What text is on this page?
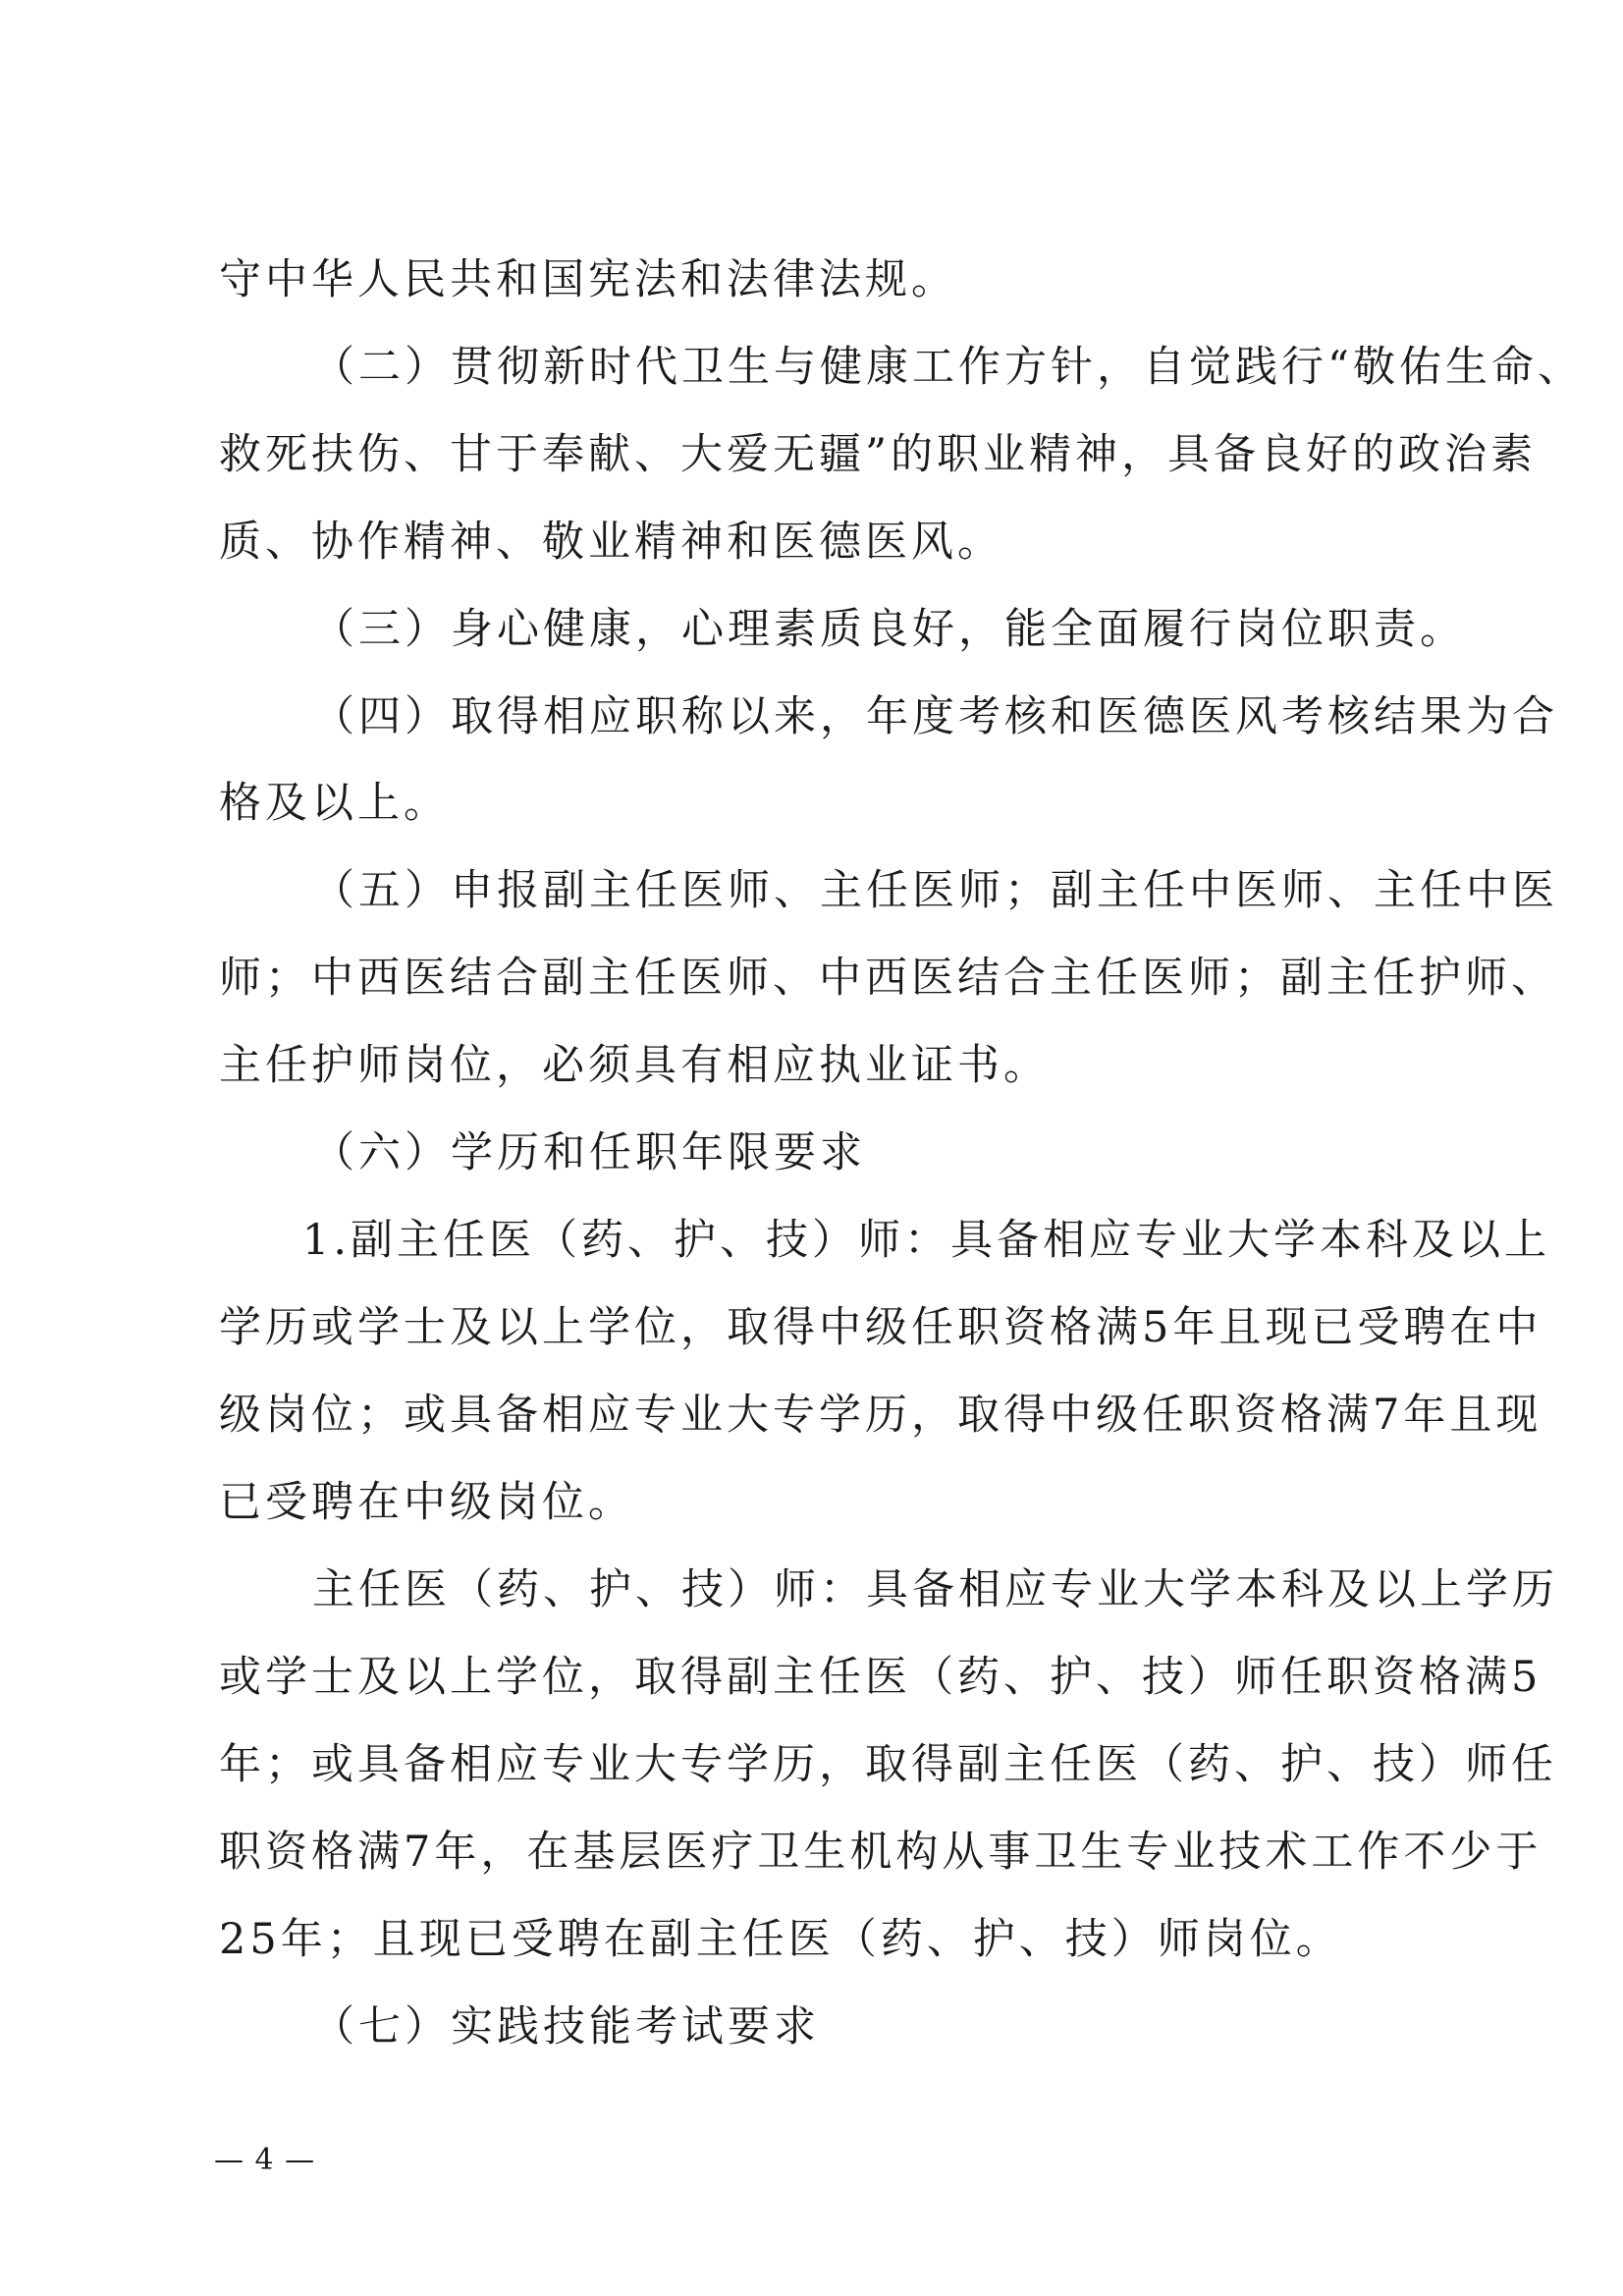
守中华人民共和国宪法和法律法规。
（二）贯彻新时代卫生与健康工作方针，自觉践行“敬佑生命、
救死扶伤、甘于奉献、大爱无疆”的职业精神，具备良好的政治素
质、协作精神、敬业精神和医德医风。
（三）身心健康，心理素质良好，能全面履行岗位职责。
（四）取得相应职称以来，年度考核和医德医风考核结果为合
格及以上。
（五）申报副主任医师、主任医师；副主任中医师、主任中医
师；中西医结合副主任医师、中西医结合主任医师；副主任护师、
主任护师岗位，必须具有相应执业证书。
（六）学历和任职年限要求
1.副主任医（药、护、技）师：具备相应专业大学本科及以上
学历或学士及以上学位，取得中级任职资格满5年且现已受聘在中
级岗位；或具备相应专业大专学历，取得中级任职资格满7年且现
已受聘在中级岗位。
主任医（药、护、技）师：具备相应专业大学本科及以上学历
或学士及以上学位，取得副主任医（药、护、技）师任职资格满5
年；或具备相应专业大专学历，取得副主任医（药、护、技）师任
职资格满7年，在基层医疗卫生机构从事卫生专业技术工作不少于
25年；且现已受聘在副主任医（药、护、技）师岗位。
（七）实践技能考试要求
— 4 —
